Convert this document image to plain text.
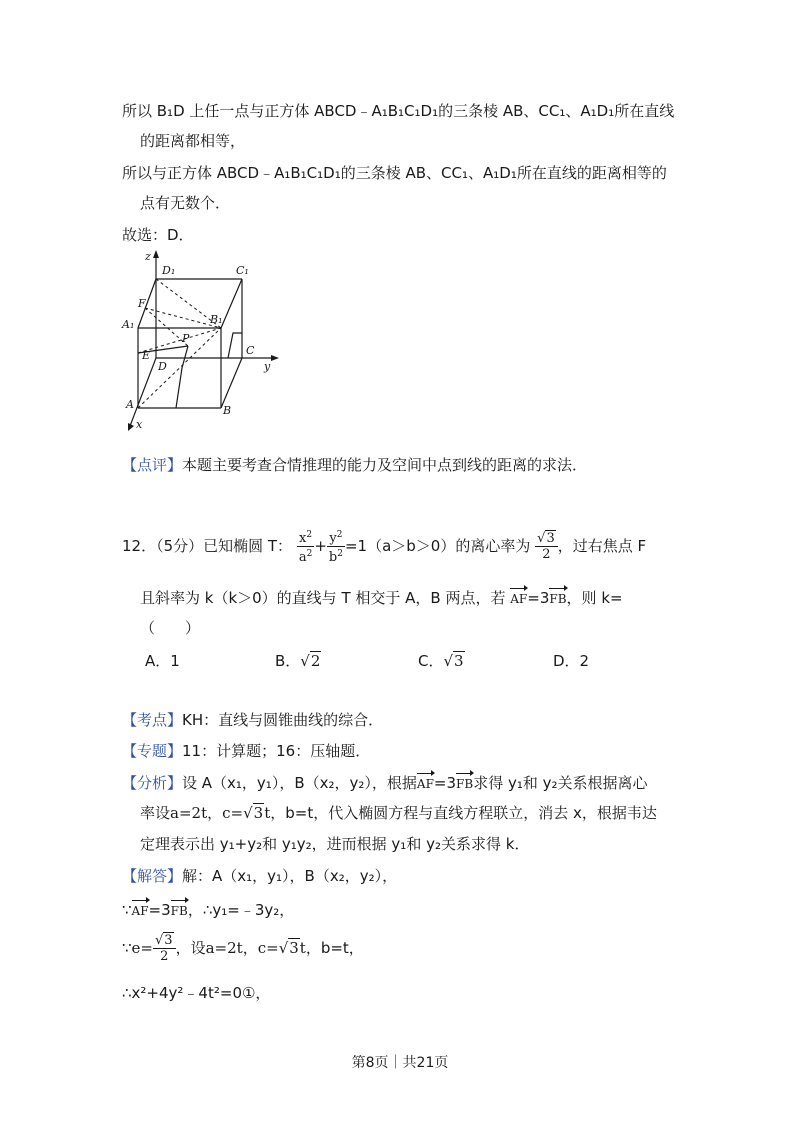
所以 B₁D 上任一点与正方体 ABCD﹣A₁B₁C₁D₁的三条棱 AB、CC₁、A₁D₁所在直线
的距离都相等，
所以与正方体 ABCD﹣A₁B₁C₁D₁的三条棱 AB、CC₁、A₁D₁所在直线的距离相等的
点有无数个．
故选：D．
z
D₁	C₁
F
A₁	B₁
P
E	C
y
D
A	B
x
【点评】本题主要考查合情推理的能力及空间中点到线的距离的求法．
12．（5分）已知椭圆 T： $\frac{x^2}{a^2} + \frac{y^2}{b^2} =1(a>b>0)$的离心率为 $\frac{√3}{2}$ ，过右焦点 F
且斜率为 k（k＞0）的直线与 T 相交于 A，B 两点，若 AF=3FB，则 k=
（　　）
A．1	B．√2	C．√3	D．2
【考点】KH：直线与圆锥曲线的综合．
【专题】11：计算题；16：压轴题．
【分析】设 A（x₁，y₁），B（x₂，y₂），根据AF=3FB求得 y₁和 y₂关系根据离心
率设a=2t，c=√3t，b=t，代入椭圆方程与直线方程联立，消去 x，根据韦达
定理表示出 y₁+y₂和 y₁y₂，进而根据 y₁和 y₂关系求得 k．
【解答】解：A（x₁，y₁），B（x₂，y₂），
∵AF=3FB，∴y₁=﹣3y₂，
∵e= $\frac{√3}{2}$ ，设a=2t，c=√3t，b=t，
∴x²+4y²﹣4t²=0①，
第8页｜共21页
